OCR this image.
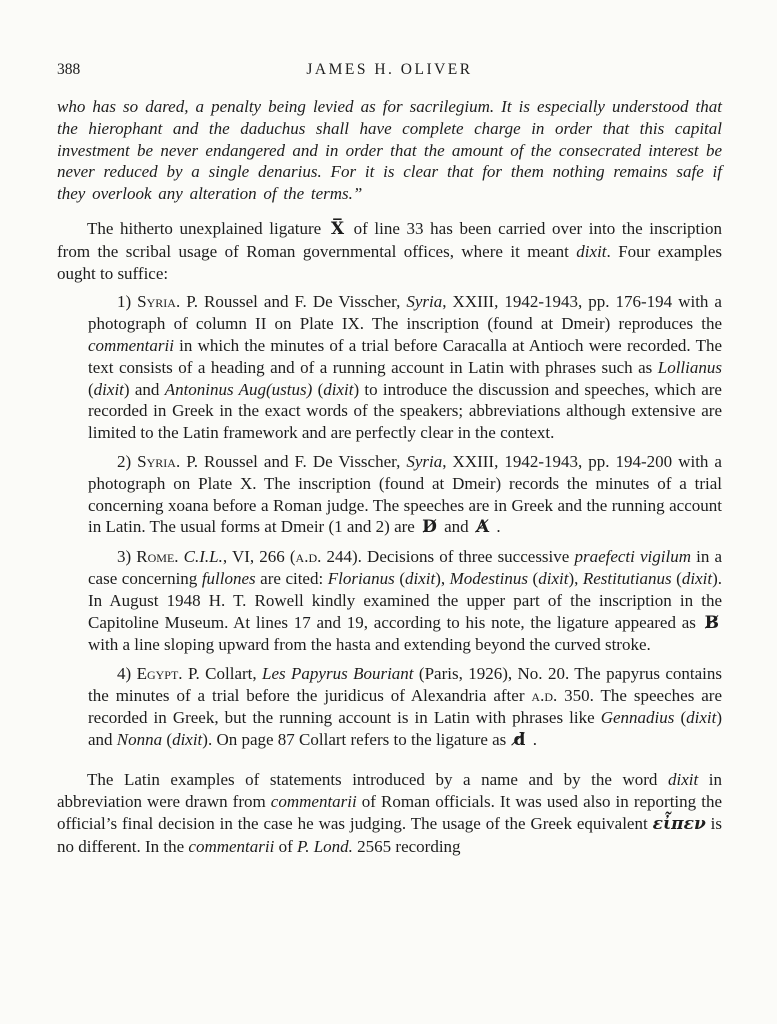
388	JAMES H. OLIVER

who has so dared, a penalty being levied as for sacrilegium. It is especially understood that the hierophant and the daduchus shall have complete charge in order that this capital investment be never endangered and in order that the amount of the consecrated interest be never reduced by a single denarius. For it is clear that for them nothing remains safe if they overlook any alteration of the terms.”

The hitherto unexplained ligature X̅ of line 33 has been carried over into the inscription from the scribal usage of Roman governmental offices, where it meant dixit. Four examples ought to suffice:

1) Syria. P. Roussel and F. De Visscher, Syria, XXIII, 1942-1943, pp. 176-194 with a photograph of column II on Plate IX. The inscription (found at Dmeir) reproduces the commentarii in which the minutes of a trial before Caracalla at Antioch were recorded. The text consists of a heading and of a running account in Latin with phrases such as Lollianus (dixit) and Antoninus Aug(ustus) (dixit) to introduce the discussion and speeches, which are recorded in Greek in the exact words of the speakers; abbreviations although extensive are limited to the Latin framework and are perfectly clear in the context.

2) Syria. P. Roussel and F. De Visscher, Syria, XXIII, 1942-1943, pp. 194-200 with a photograph on Plate X. The inscription (found at Dmeir) records the minutes of a trial concerning xoana before a Roman judge. The speeches are in Greek and the running account in Latin. The usual forms at Dmeir (1 and 2) are D̸ and A̸ .

3) Rome. C.I.L., VI, 266 (a.d. 244). Decisions of three successive praefecti vigilum in a case concerning fullones are cited: Florianus (dixit), Modestinus (dixit), Restitutianus (dixit). In August 1948 H. T. Rowell kindly examined the upper part of the inscription in the Capitoline Museum. At lines 17 and 19, according to his note, the ligature appeared as B̸ with a line sloping upward from the hasta and extending beyond the curved stroke.

4) Egypt. P. Collart, Les Papyrus Bouriant (Paris, 1926), No. 20. The papyrus contains the minutes of a trial before the juridicus of Alexandria after a.d. 350. The speeches are recorded in Greek, but the running account is in Latin with phrases like Gennadius (dixit) and Nonna (dixit). On page 87 Collart refers to the ligature as d̸ .

The Latin examples of statements introduced by a name and by the word dixit in abbreviation were drawn from commentarii of Roman officials. It was used also in reporting the official’s final decision in the case he was judging. The usage of the Greek equivalent εἶπεν is no different. In the commentarii of P. Lond. 2565 recording
